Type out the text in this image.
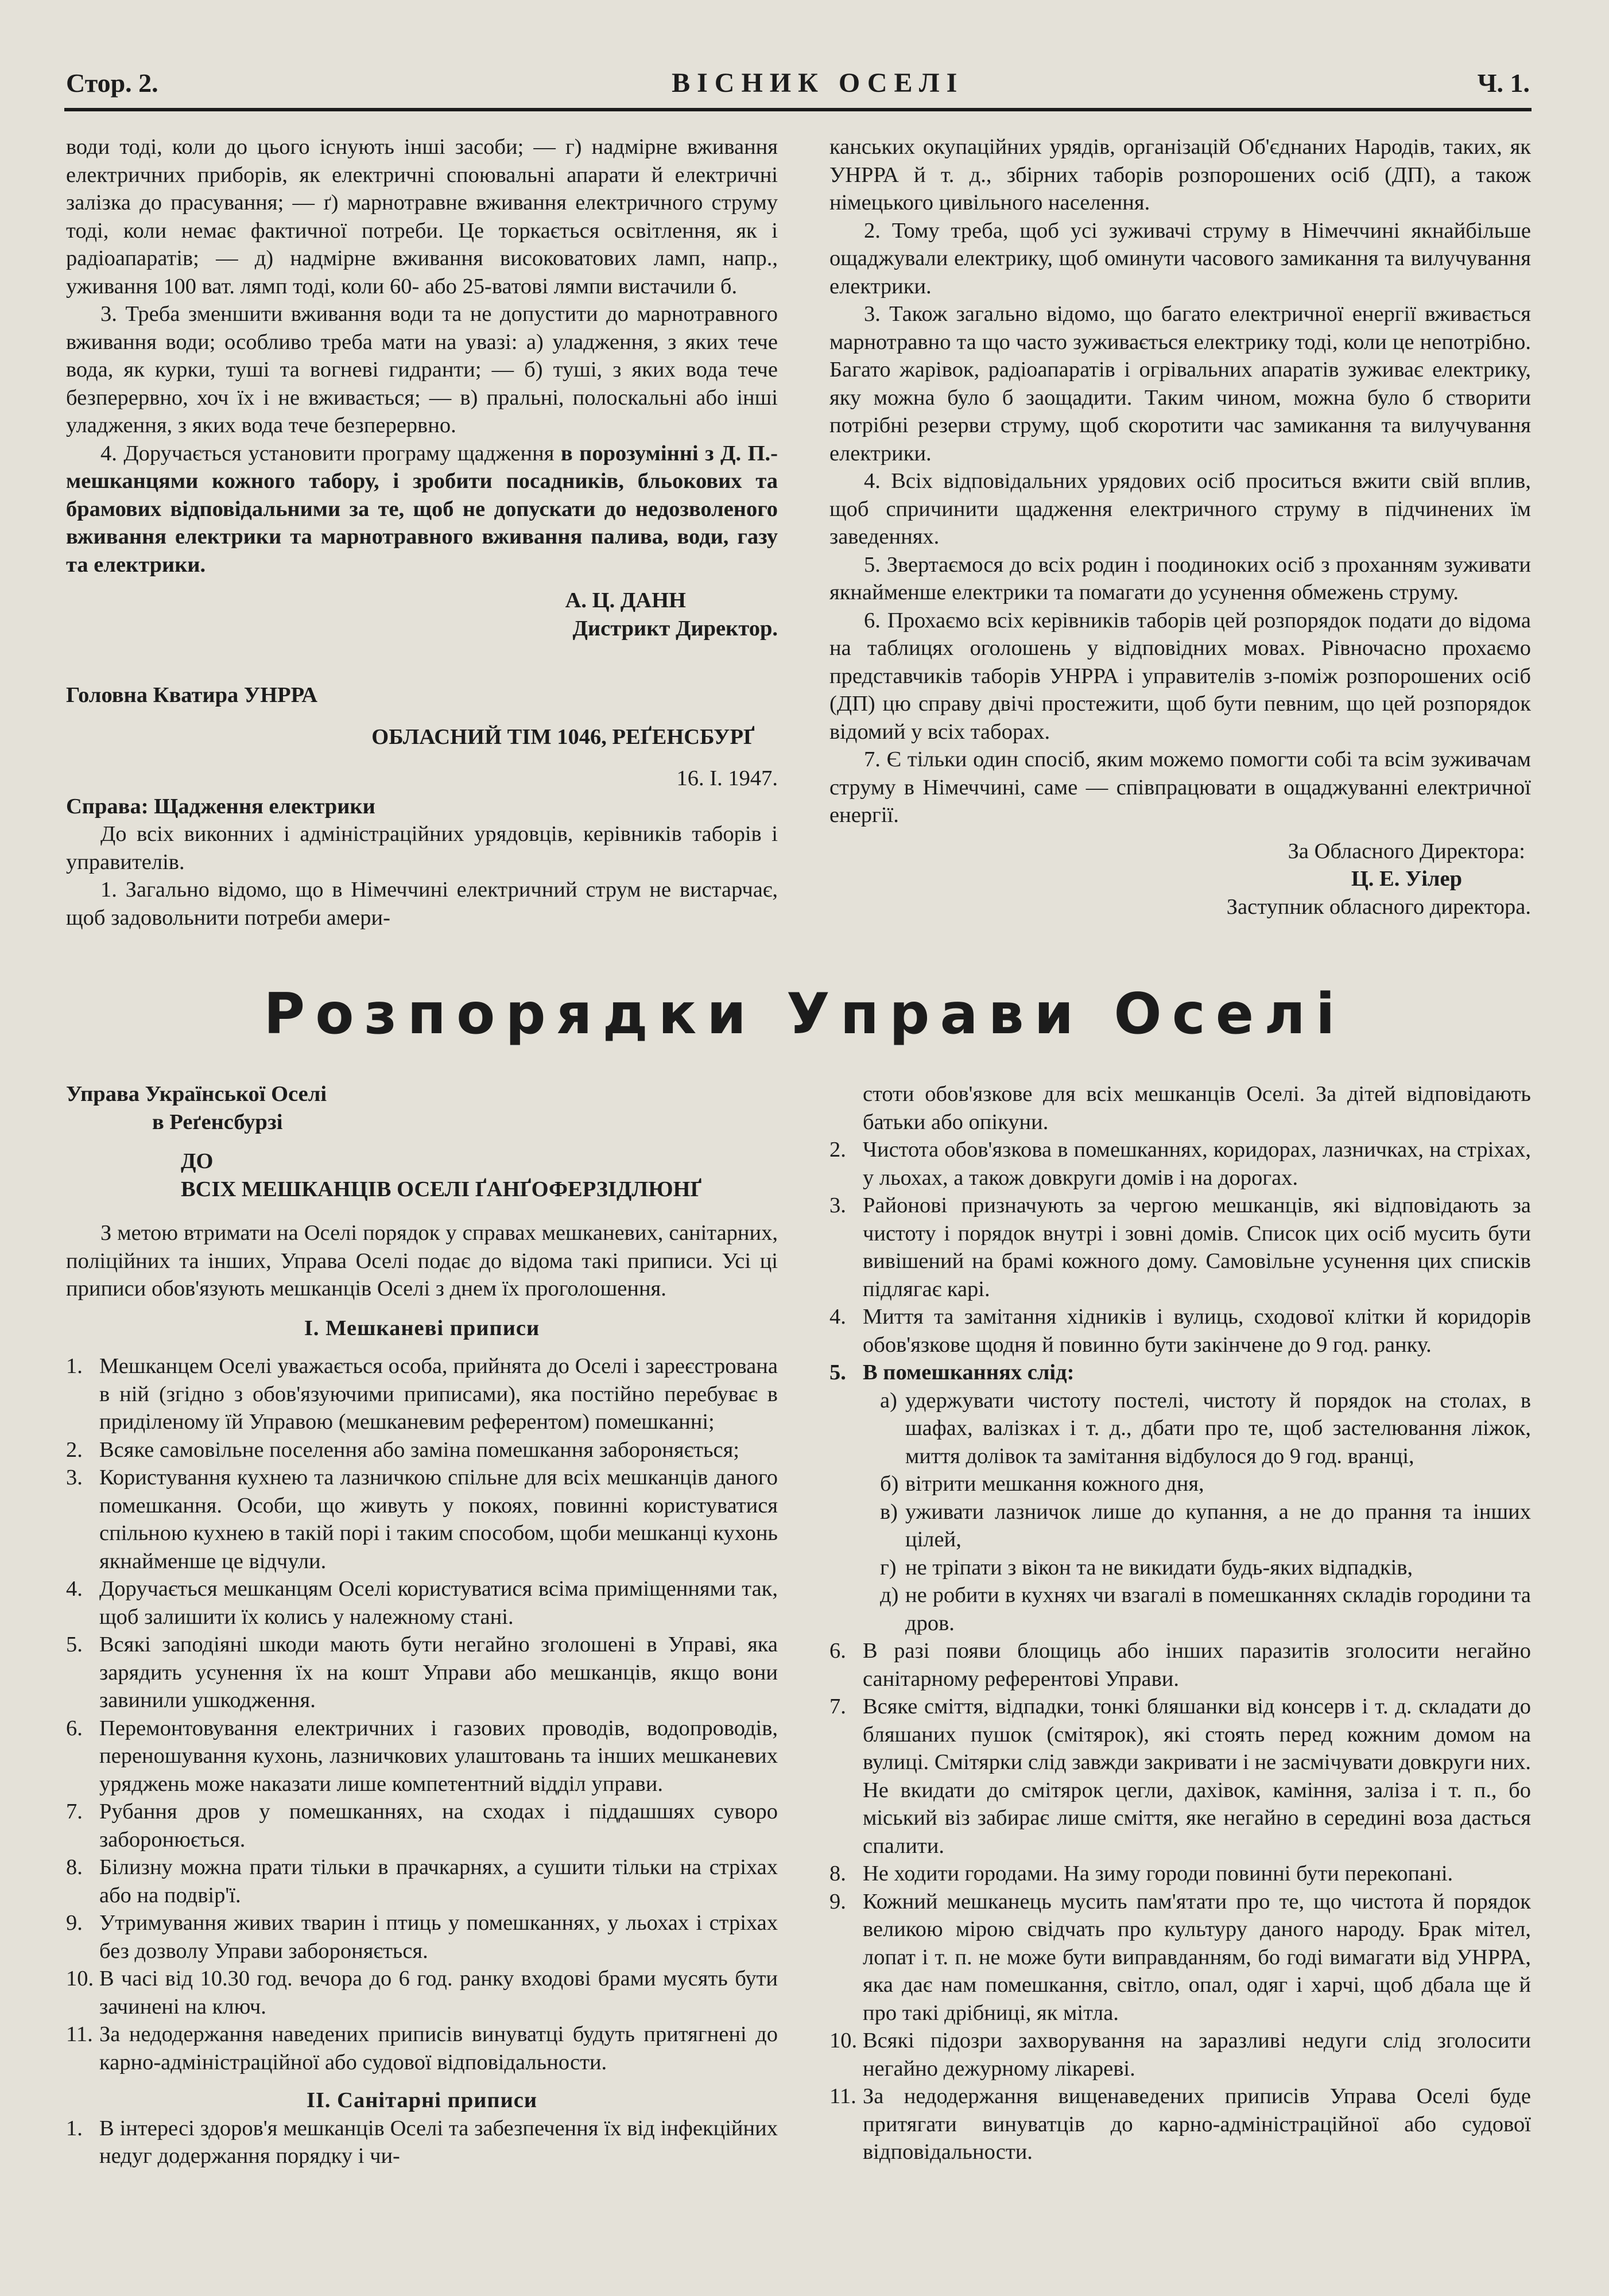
Стор. 2.	ВІСНИК ОСЕЛІ	Ч. 1.

води тоді, коли до цього існують інші засоби; — г) надмірне вживання електричних приборів, як електричні споювальні апарати й електричні залізка до прасування; — ґ) марнотравне вживання електричного струму тоді, коли немає фактичної потреби. Це торкається освітлення, як і радіоапаратів; — д) надмірне вживання високоватових ламп, напр., уживання 100 ват. лямп тоді, коли 60- або 25-ватові лямпи вистачили б.

3. Треба зменшити вживання води та не допустити до марнотравного вживання води; особливо треба мати на увазі: а) уладження, з яких тече вода, як курки, туші та вогневі гидранти; — б) туші, з яких вода тече безперервно, хоч їх і не вживається; — в) пральні, полоскальні або інші уладження, з яких вода тече безперервно.

4. Доручається установити програму щадження в порозумінні з Д. П.-мешканцями кожного табору, і зробити посадників, бльокових та брамових відповідальними за те, щоб не допускати до недозволеного вживання електрики та марнотравного вживання палива, води, газу та електрики.

А. Ц. ДАНН

Дистрикт Директор.

Головна Кватира УНРРА

ОБЛАСНИЙ ТІМ 1046, РЕҐЕНСБУРҐ

16. I. 1947.

Справа: Щадження електрики

До всіх виконних і адміністраційних урядовців, керівників таборів і управителів.

1. Загально відомо, що в Німеччині електричний струм не вистарчає, щоб задовольнити потреби амери-

канських окупаційних урядів, організацій Об'єднаних Народів, таких, як УНРРА й т. д., збірних таборів розпорошених осіб (ДП), а також німецького цивільного населення.

2. Тому треба, щоб усі зуживачі струму в Німеччині якнайбільше ощаджували електрику, щоб оминути часового замикання та вилучування електрики.

3. Також загально відомо, що багато електричної енергії вживається марнотравно та що часто зуживається електрику тоді, коли це непотрібно. Багато жарівок, радіоапаратів і огрівальних апаратів зуживає електрику, яку можна було б заощадити. Таким чином, можна було б створити потрібні резерви струму, щоб скоротити час замикання та вилучування електрики.

4. Всіх відповідальних урядових осіб проситься вжити свій вплив, щоб спричинити щадження електричного струму в підчинених їм заведеннях.

5. Звертаємося до всіх родин і поодиноких осіб з проханням зуживати якнайменше електрики та помагати до усунення обмежень струму.

6. Прохаємо всіх керівників таборів цей розпорядок подати до відома на таблицях оголошень у відповідних мовах. Рівночасно прохаємо представчиків таборів УНРРА і управителів з-поміж розпорошених осіб (ДП) цю справу двічі простежити, щоб бути певним, що цей розпорядок відомий у всіх таборах.

7. Є тільки один спосіб, яким можемо помогти собі та всім зуживачам струму в Німеччині, саме — співпрацювати в ощаджуванні електричної енергії.

За Обласного Директора:

Ц. Е. Уілер

Заступник обласного директора.

Розпорядки Управи Оселі

Управа Української Оселі

в Реґенсбурзі

ДО

ВСІХ МЕШКАНЦІВ ОСЕЛІ ҐАНҐОФЕРЗІДЛЮНҐ

З метою втримати на Оселі порядок у справах мешканевих, санітарних, поліційних та інших, Управа Оселі подає до відома такі приписи. Усі ці приписи обов'язують мешканців Оселі з днем їх проголошення.

І. Мешканеві приписи

1. Мешканцем Оселі уважається особа, прийнята до Оселі і зареєстрована в ній (згідно з обов'язуючими приписами), яка постійно перебуває в приділеному їй Управою (мешканевим референтом) помешканні;
2. Всяке самовільне поселення або заміна помешкання забороняється;
3. Користування кухнею та лазничкою спільне для всіх мешканців даного помешкання. Особи, що живуть у покоях, повинні користуватися спільною кухнею в такій порі і таким способом, щоби мешканці кухонь якнайменше це відчули.
4. Доручається мешканцям Оселі користуватися всіма приміщеннями так, щоб залишити їх колись у належному стані.
5. Всякі заподіяні шкоди мають бути негайно зголошені в Управі, яка зарядить усунення їх на кошт Управи або мешканців, якщо вони завинили ушкодження.
6. Перемонтовування електричних і газових проводів, водопроводів, переношування кухонь, лазничкових улаштовань та інших мешканевих уряджень може наказати лише компетентний відділ управи.
7. Рубання дров у помешканнях, на сходах і піддашшях суворо заборонюється.
8. Білизну можна прати тільки в прачкарнях, а сушити тільки на стріхах або на подвір'ї.
9. Утримування живих тварин і птиць у помешканнях, у льохах і стріхах без дозволу Управи забороняється.
10. В часі від 10.30 год. вечора до 6 год. ранку входові брами мусять бути зачинені на ключ.
11. За недодержання наведених приписів винуватці будуть притягнені до карно-адміністраційної або судової відповідальности.

ІІ. Санітарні приписи

1. В інтересі здоров'я мешканців Оселі та забезпечення їх від інфекційних недуг додержання порядку і чи-

стоти обов'язкове для всіх мешканців Оселі. За дітей відповідають батьки або опікуни.

2. Чистота обов'язкова в помешканнях, коридорах, лазничках, на стріхах, у льохах, а також довкруги домів і на дорогах.
3. Районові призначують за чергою мешканців, які відповідають за чистоту і порядок внутрі і зовні домів. Список цих осіб мусить бути вивішений на брамі кожного дому. Самовільне усунення цих списків підлягає карі.
4. Миття та замітання хідників і вулиць, сходової клітки й коридорів обов'язкове щодня й повинно бути закінчене до 9 год. ранку.
5. В помешканнях слід:
а) удержувати чистоту постелі, чистоту й порядок на столах, в шафах, валізках і т. д., дбати про те, щоб застелювання ліжок, миття долівок та замітання відбулося до 9 год. вранці,
б) вітрити мешкання кожного дня,
в) уживати лазничок лише до купання, а не до прання та інших цілей,
г) не тріпати з вікон та не викидати будь-яких відпадків,
д) не робити в кухнях чи взагалі в помешканнях складів городини та дров.
6. В разі появи блощиць або інших паразитів зголосити негайно санітарному референтові Управи.
7. Всяке сміття, відпадки, тонкі бляшанки від консерв і т. д. складати до бляшаних пушок (смітярок), які стоять перед кожним домом на вулиці. Смітярки слід завжди закривати і не засмічувати довкруги них. Не вкидати до смітярок цегли, дахівок, каміння, заліза і т. п., бо міський віз забирає лише сміття, яке негайно в середині воза дасться спалити.
8. Не ходити городами. На зиму городи повинні бути перекопані.
9. Кожний мешканець мусить пам'ятати про те, що чистота й порядок великою мірою свідчать про культуру даного народу. Брак мітел, лопат і т. п. не може бути виправданням, бо годі вимагати від УНРРА, яка дає нам помешкання, світло, опал, одяг і харчі, щоб дбала ще й про такі дрібниці, як мітла.
10. Всякі підозри захворування на заразливі недуги слід зголосити негайно дежурному лікареві.
11. За недодержання вищенаведених приписів Управа Оселі буде притягати винуватців до карно-адміністраційної або судової відповідальности.
